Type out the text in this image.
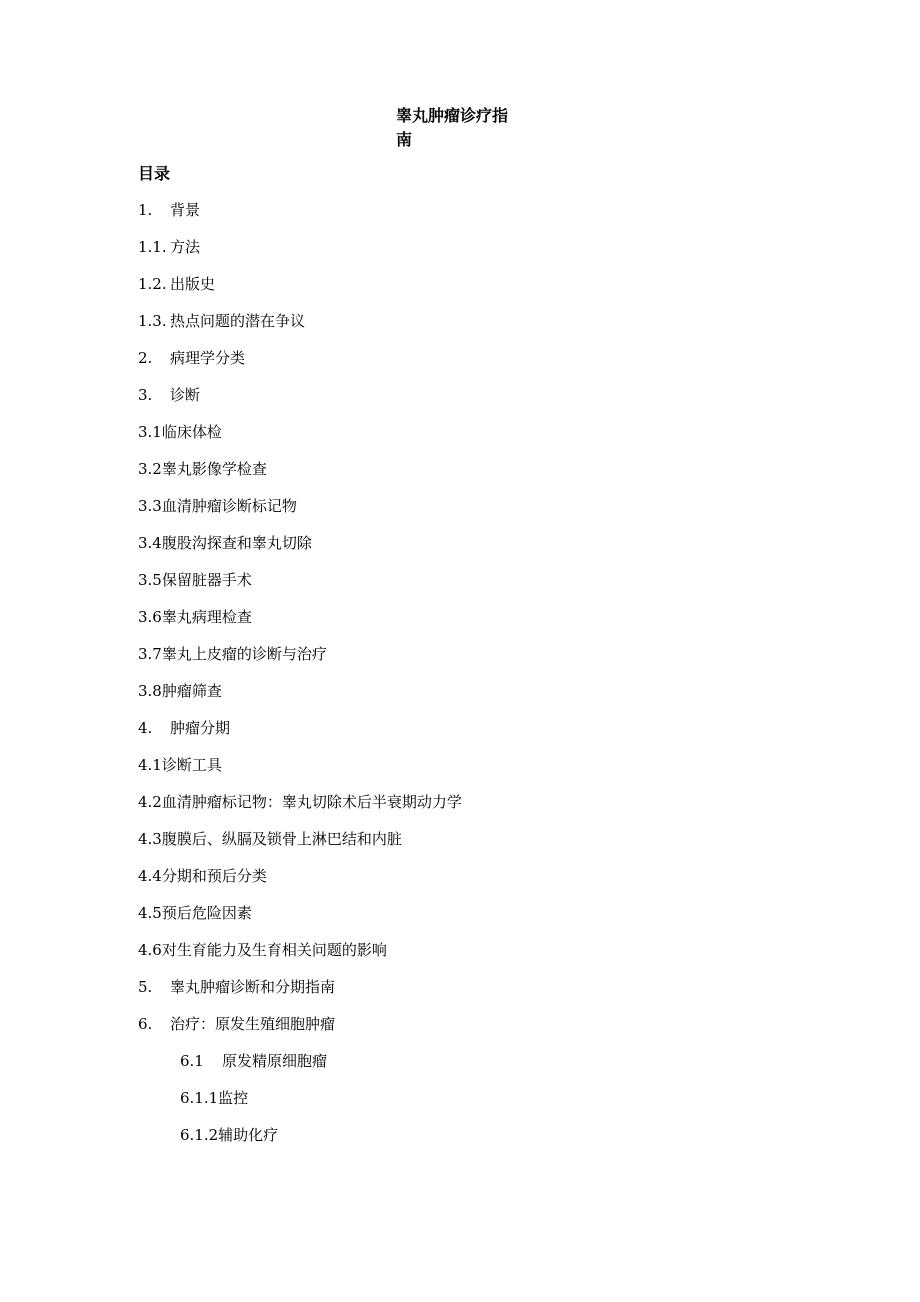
睾丸肿瘤诊疗指南
目录
1. 背景
1.1. 方法
1.2. 出版史
1.3. 热点问题的潜在争议
2. 病理学分类
3. 诊断
3.1临床体检
3.2睾丸影像学检查
3.3血清肿瘤诊断标记物
3.4腹股沟探查和睾丸切除
3.5保留脏器手术
3.6睾丸病理检查
3.7睾丸上皮瘤的诊断与治疗
3.8肿瘤筛查
4. 肿瘤分期
4.1诊断工具
4.2血清肿瘤标记物：睾丸切除术后半衰期动力学
4.3腹膜后、纵膈及锁骨上淋巴结和内脏
4.4分期和预后分类
4.5预后危险因素
4.6对生育能力及生育相关问题的影响
5. 睾丸肿瘤诊断和分期指南
6. 治疗：原发生殖细胞肿瘤
6.1 原发精原细胞瘤
6.1.1监控
6.1.2辅助化疗
